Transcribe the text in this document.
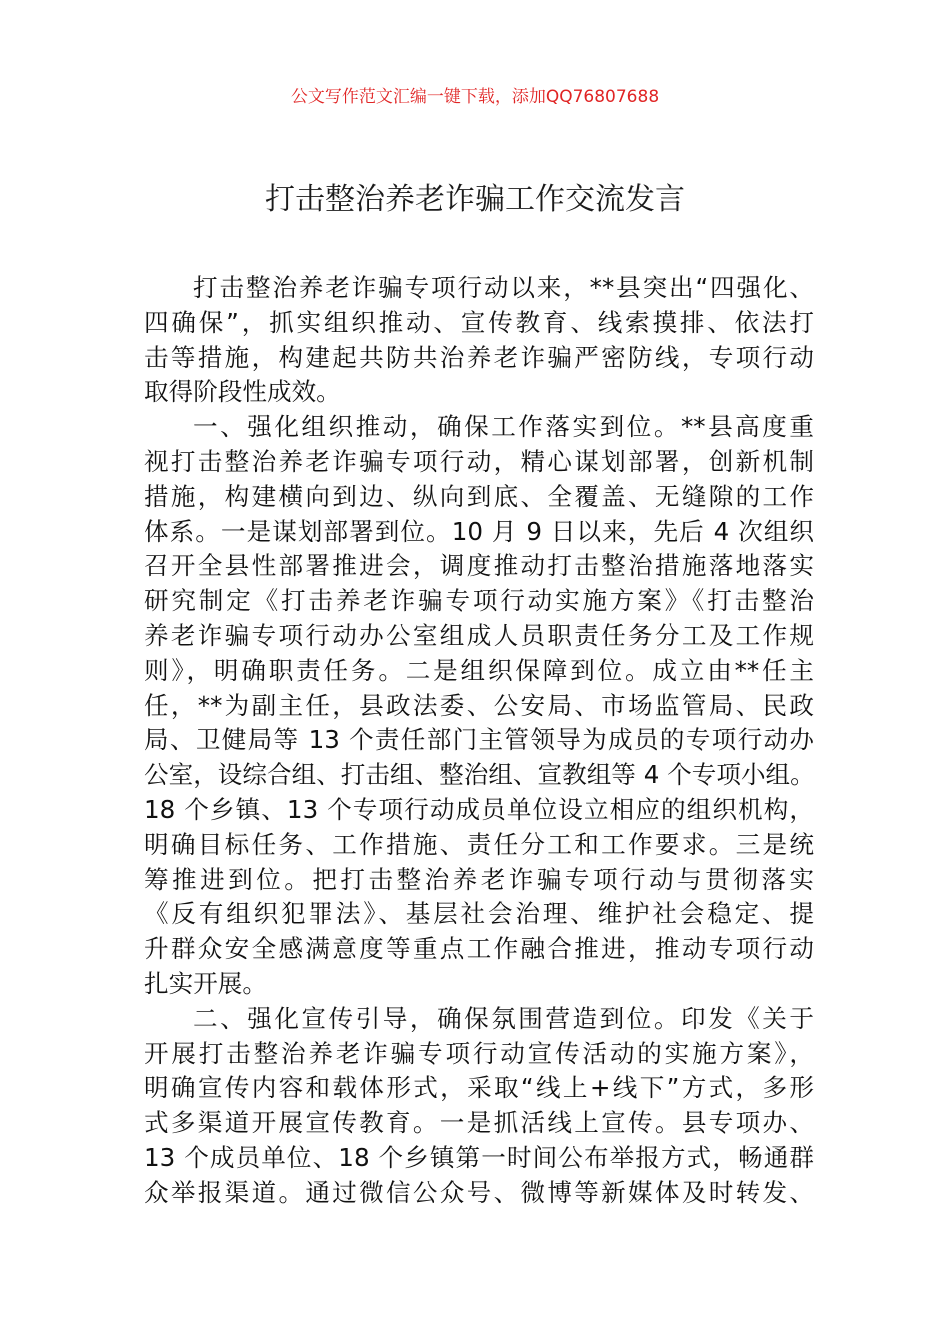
公文写作范文汇编一键下载，添加QQ76807688
打击整治养老诈骗工作交流发言
打击整治养老诈骗专项行动以来，**县突出“四强化、
四确保”，抓实组织推动、宣传教育、线索摸排、依法打
击等措施，构建起共防共治养老诈骗严密防线，专项行动
取得阶段性成效。
一、强化组织推动，确保工作落实到位。**县高度重
视打击整治养老诈骗专项行动，精心谋划部署，创新机制
措施，构建横向到边、纵向到底、全覆盖、无缝隙的工作
体系。一是谋划部署到位。10 月 9 日以来，先后 4 次组织
召开全县性部署推进会，调度推动打击整治措施落地落实
研究制定《打击养老诈骗专项行动实施方案》《打击整治
养老诈骗专项行动办公室组成人员职责任务分工及工作规
则》，明确职责任务。二是组织保障到位。成立由**任主
任，**为副主任，县政法委、公安局、市场监管局、民政
局、卫健局等 13 个责任部门主管领导为成员的专项行动办
公室，设综合组、打击组、整治组、宣教组等 4 个专项小组。
18 个乡镇、13 个专项行动成员单位设立相应的组织机构，
明确目标任务、工作措施、责任分工和工作要求。三是统
筹推进到位。把打击整治养老诈骗专项行动与贯彻落实
《反有组织犯罪法》、基层社会治理、维护社会稳定、提
升群众安全感满意度等重点工作融合推进，推动专项行动
扎实开展。
二、强化宣传引导，确保氛围营造到位。印发《关于
开展打击整治养老诈骗专项行动宣传活动的实施方案》，
明确宣传内容和载体形式，采取“线上+线下”方式，多形
式多渠道开展宣传教育。一是抓活线上宣传。县专项办、
13 个成员单位、18 个乡镇第一时间公布举报方式，畅通群
众举报渠道。通过微信公众号、微博等新媒体及时转发、
